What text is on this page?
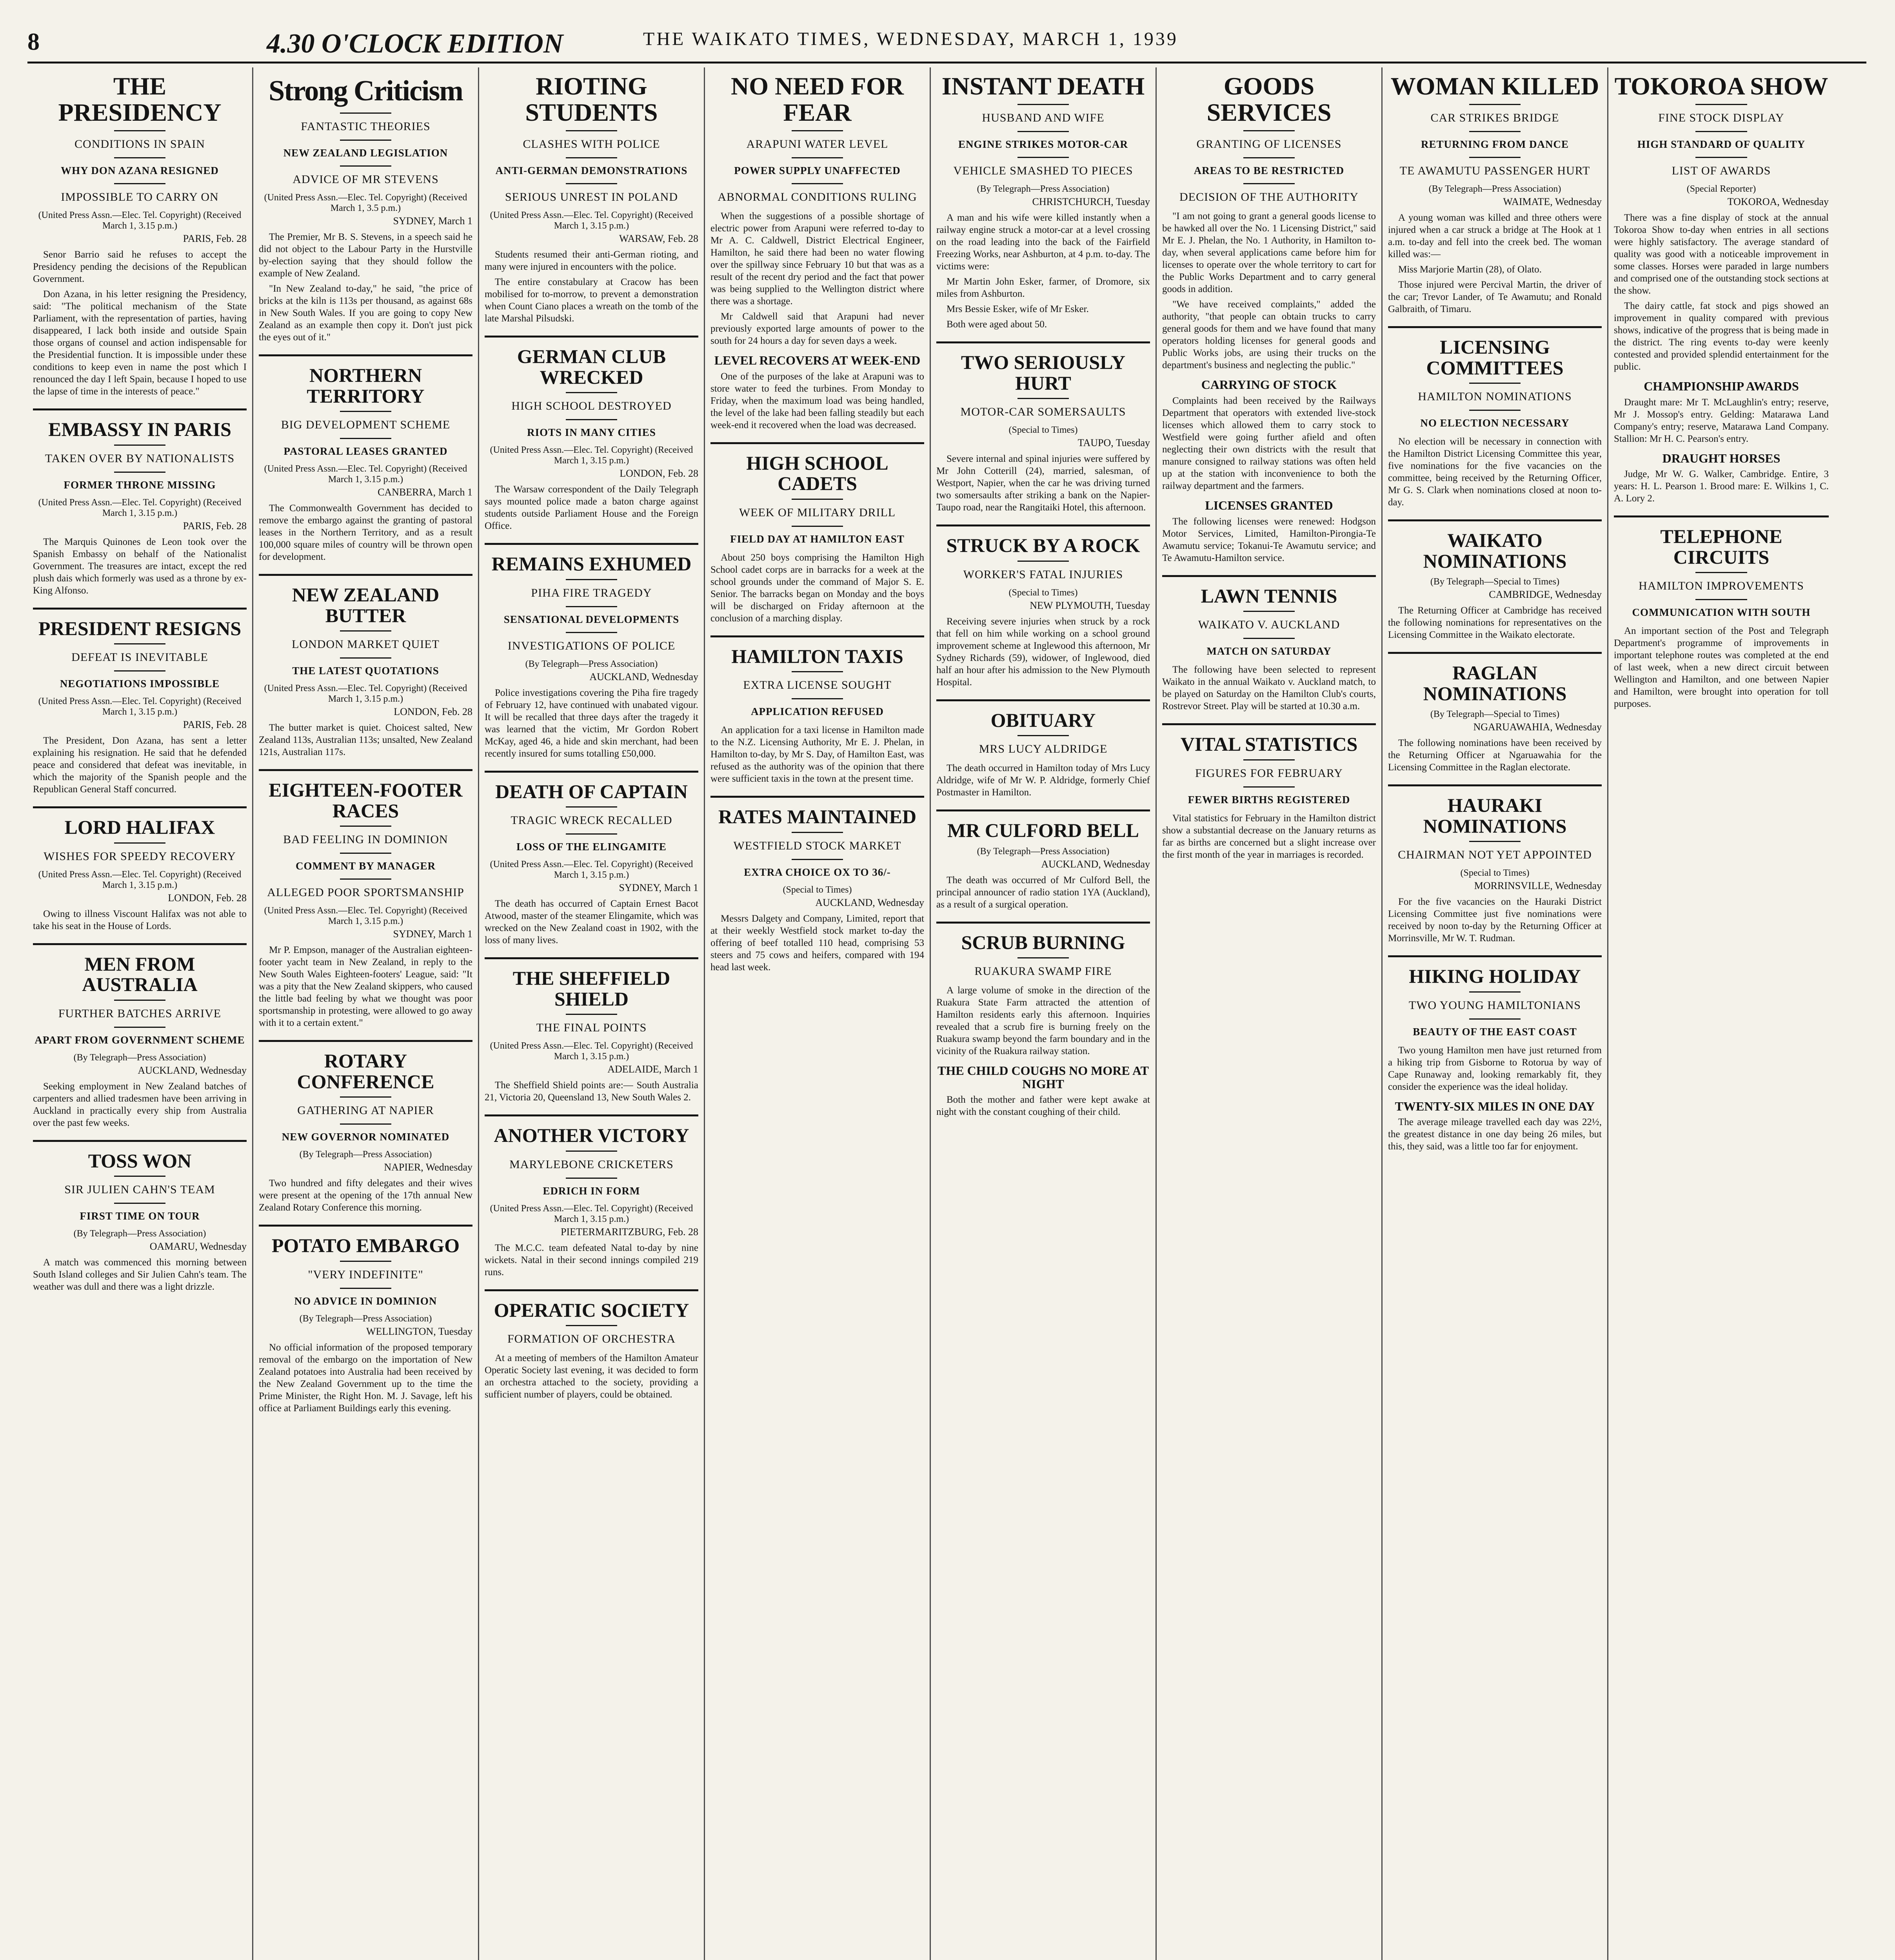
8	4.30 O'CLOCK EDITION	THE WAIKATO TIMES, WEDNESDAY, MARCH 1, 1939
THE PRESIDENCY
CONDITIONS IN SPAIN
WHY DON AZANA RESIGNED
IMPOSSIBLE TO CARRY ON
(United Press Assn.—Elec. Tel. Copyright) (Received March 1, 3.15 p.m.)
PARIS, Feb. 28

Senor Barrio said he refuses to accept the Presidency pending the decisions of the Republican Government.

Don Azana, in his letter resigning the Presidency, said: "The political mechanism of the State Parliament, with the representation of parties, having disappeared, I lack both inside and outside Spain those organs of counsel and action indispensable for the Presidential function. It is impossible under these conditions to keep even in name the post which I renounced the day I left Spain, because I hoped to use the lapse of time in the interests of peace."

EMBASSY IN PARIS
TAKEN OVER BY NATIONALISTS
FORMER THRONE MISSING
(United Press Assn.—Elec. Tel. Copyright) (Received March 1, 3.15 p.m.)
PARIS, Feb. 28

The Marquis Quinones de Leon took over the Spanish Embassy on behalf of the Nationalist Government. The treasures are intact, except the red plush dais which formerly was used as a throne by ex-King Alfonso.

PRESIDENT RESIGNS
DEFEAT IS INEVITABLE
NEGOTIATIONS IMPOSSIBLE
(United Press Assn.—Elec. Tel. Copyright) (Received March 1, 3.15 p.m.)
PARIS, Feb. 28

The President, Don Azana, has sent a letter explaining his resignation. He said that he defended peace and considered that defeat was inevitable, in which the majority of the Spanish people and the Republican General Staff concurred.

LORD HALIFAX
WISHES FOR SPEEDY RECOVERY
(United Press Assn.—Elec. Tel. Copyright) (Received March 1, 3.15 p.m.)
LONDON, Feb. 28

Owing to illness Viscount Halifax was not able to take his seat in the House of Lords.

MEN FROM AUSTRALIA
FURTHER BATCHES ARRIVE
APART FROM GOVERNMENT SCHEME
(By Telegraph—Press Association)
AUCKLAND, Wednesday

Seeking employment in New Zealand batches of carpenters and allied tradesmen have been arriving in Auckland in practically every ship from Australia over the past few weeks.

TOSS WON
SIR JULIEN CAHN'S TEAM
FIRST TIME ON TOUR
(By Telegraph—Press Association)
OAMARU, Wednesday

A match was commenced this morning between South Island colleges and Sir Julien Cahn's team. The weather was dull and there was a light drizzle.

Strong Criticism
FANTASTIC THEORIES
NEW ZEALAND LEGISLATION
ADVICE OF MR STEVENS
(United Press Assn.—Elec. Tel. Copyright) (Received March 1, 3.5 p.m.)
SYDNEY, March 1

The Premier, Mr B. S. Stevens, in a speech said he did not object to the Labour Party in the Hurstville by-election saying that they should follow the example of New Zealand.

"In New Zealand to-day," he said, "the price of bricks at the kiln is 113s per thousand, as against 68s in New South Wales. If you are going to copy New Zealand as an example then copy it. Don't just pick the eyes out of it."

NORTHERN TERRITORY
BIG DEVELOPMENT SCHEME
PASTORAL LEASES GRANTED
(United Press Assn.—Elec. Tel. Copyright) (Received March 1, 3.15 p.m.)
CANBERRA, March 1

The Commonwealth Government has decided to remove the embargo against the granting of pastoral leases in the Northern Territory, and as a result 100,000 square miles of country will be thrown open for development.

NEW ZEALAND BUTTER
LONDON MARKET QUIET
THE LATEST QUOTATIONS
(United Press Assn.—Elec. Tel. Copyright) (Received March 1, 3.15 p.m.)
LONDON, Feb. 28

The butter market is quiet. Choicest salted, New Zealand 113s, Australian 113s; unsalted, New Zealand 121s, Australian 117s.

EIGHTEEN-FOOTER RACES
BAD FEELING IN DOMINION
COMMENT BY MANAGER
ALLEGED POOR SPORTSMANSHIP
(United Press Assn.—Elec. Tel. Copyright) (Received March 1, 3.15 p.m.)
SYDNEY, March 1

Mr P. Empson, manager of the Australian eighteen-footer yacht team in New Zealand, in reply to the New South Wales Eighteen-footers' League, said: "It was a pity that the New Zealand skippers, who caused the little bad feeling by what we thought was poor sportsmanship in protesting, were allowed to go away with it to a certain extent."

ROTARY CONFERENCE
GATHERING AT NAPIER
NEW GOVERNOR NOMINATED
(By Telegraph—Press Association)
NAPIER, Wednesday

Two hundred and fifty delegates and their wives were present at the opening of the 17th annual New Zealand Rotary Conference this morning.

POTATO EMBARGO
"VERY INDEFINITE"
NO ADVICE IN DOMINION
(By Telegraph—Press Association)
WELLINGTON, Tuesday

No official information of the proposed temporary removal of the embargo on the importation of New Zealand potatoes into Australia had been received by the New Zealand Government up to the time the Prime Minister, the Right Hon. M. J. Savage, left his office at Parliament Buildings early this evening.

RIOTING STUDENTS
CLASHES WITH POLICE
ANTI-GERMAN DEMONSTRATIONS
SERIOUS UNREST IN POLAND
(United Press Assn.—Elec. Tel. Copyright) (Received March 1, 3.15 p.m.)
WARSAW, Feb. 28

Students resumed their anti-German rioting, and many were injured in encounters with the police.

The entire constabulary at Cracow has been mobilised for to-morrow, to prevent a demonstration when Count Ciano places a wreath on the tomb of the late Marshal Pilsudski.

GERMAN CLUB WRECKED
HIGH SCHOOL DESTROYED
RIOTS IN MANY CITIES
(United Press Assn.—Elec. Tel. Copyright) (Received March 1, 3.15 p.m.)
LONDON, Feb. 28

The Warsaw correspondent of the Daily Telegraph says mounted police made a baton charge against students outside Parliament House and the Foreign Office.

REMAINS EXHUMED
PIHA FIRE TRAGEDY
SENSATIONAL DEVELOPMENTS
INVESTIGATIONS OF POLICE
(By Telegraph—Press Association)
AUCKLAND, Wednesday

Police investigations covering the Piha fire tragedy of February 12, have continued with unabated vigour. It will be recalled that three days after the tragedy it was learned that the victim, Mr Gordon Robert McKay, aged 46, a hide and skin merchant, had been recently insured for sums totalling £50,000.

DEATH OF CAPTAIN
TRAGIC WRECK RECALLED
LOSS OF THE ELINGAMITE
(United Press Assn.—Elec. Tel. Copyright) (Received March 1, 3.15 p.m.)
SYDNEY, March 1

The death has occurred of Captain Ernest Bacot Atwood, master of the steamer Elingamite, which was wrecked on the New Zealand coast in 1902, with the loss of many lives.

THE SHEFFIELD SHIELD
THE FINAL POINTS
(United Press Assn.—Elec. Tel. Copyright) (Received March 1, 3.15 p.m.)
ADELAIDE, March 1

The Sheffield Shield points are:— South Australia 21, Victoria 20, Queensland 13, New South Wales 2.

ANOTHER VICTORY
MARYLEBONE CRICKETERS
EDRICH IN FORM
(United Press Assn.—Elec. Tel. Copyright) (Received March 1, 3.15 p.m.)
PIETERMARITZBURG, Feb. 28

The M.C.C. team defeated Natal to-day by nine wickets. Natal in their second innings compiled 219 runs.

OPERATIC SOCIETY
FORMATION OF ORCHESTRA

At a meeting of members of the Hamilton Amateur Operatic Society last evening, it was decided to form an orchestra attached to the society, providing a sufficient number of players, could be obtained.

NO NEED FOR FEAR
ARAPUNI WATER LEVEL
POWER SUPPLY UNAFFECTED
ABNORMAL CONDITIONS RULING

When the suggestions of a possible shortage of electric power from Arapuni were referred to-day to Mr A. C. Caldwell, District Electrical Engineer, Hamilton, he said there had been no water flowing over the spillway since February 10 but that was as a result of the recent dry period and the fact that power was being supplied to the Wellington district where there was a shortage.

Mr Caldwell said that Arapuni had never previously exported large amounts of power to the south for 24 hours a day for seven days a week.

LEVEL RECOVERS AT WEEK-END

One of the purposes of the lake at Arapuni was to store water to feed the turbines. From Monday to Friday, when the maximum load was being handled, the level of the lake had been falling steadily but each week-end it recovered when the load was decreased.

HIGH SCHOOL CADETS
WEEK OF MILITARY DRILL
FIELD DAY AT HAMILTON EAST

About 250 boys comprising the Hamilton High School cadet corps are in barracks for a week at the school grounds under the command of Major S. E. Senior. The barracks began on Monday and the boys will be discharged on Friday afternoon at the conclusion of a marching display.

HAMILTON TAXIS
EXTRA LICENSE SOUGHT
APPLICATION REFUSED

An application for a taxi license in Hamilton made to the N.Z. Licensing Authority, Mr E. J. Phelan, in Hamilton to-day, by Mr S. Day, of Hamilton East, was refused as the authority was of the opinion that there were sufficient taxis in the town at the present time.

RATES MAINTAINED
WESTFIELD STOCK MARKET
EXTRA CHOICE OX TO 36/-
(Special to Times)
AUCKLAND, Wednesday

Messrs Dalgety and Company, Limited, report that at their weekly Westfield stock market to-day the offering of beef totalled 110 head, comprising 53 steers and 75 cows and heifers, compared with 194 head last week.

INSTANT DEATH
HUSBAND AND WIFE
ENGINE STRIKES MOTOR-CAR
VEHICLE SMASHED TO PIECES
(By Telegraph—Press Association)
CHRISTCHURCH, Tuesday

A man and his wife were killed instantly when a railway engine struck a motor-car at a level crossing on the road leading into the back of the Fairfield Freezing Works, near Ashburton, at 4 p.m. to-day. The victims were:

Mr Martin John Esker, farmer, of Dromore, six miles from Ashburton.

Mrs Bessie Esker, wife of Mr Esker.

Both were aged about 50.

TWO SERIOUSLY HURT
MOTOR-CAR SOMERSAULTS
(Special to Times)
TAUPO, Tuesday

Severe internal and spinal injuries were suffered by Mr John Cotterill (24), married, salesman, of Westport, Napier, when the car he was driving turned two somersaults after striking a bank on the Napier-Taupo road, near the Rangitaiki Hotel, this afternoon.

STRUCK BY A ROCK
WORKER'S FATAL INJURIES
(Special to Times)
NEW PLYMOUTH, Tuesday

Receiving severe injuries when struck by a rock that fell on him while working on a school ground improvement scheme at Inglewood this afternoon, Mr Sydney Richards (59), widower, of Inglewood, died half an hour after his admission to the New Plymouth Hospital.

OBITUARY
MRS LUCY ALDRIDGE

The death occurred in Hamilton today of Mrs Lucy Aldridge, wife of Mr W. P. Aldridge, formerly Chief Postmaster in Hamilton.

MR CULFORD BELL
(By Telegraph—Press Association)
AUCKLAND, Wednesday

The death was occurred of Mr Culford Bell, the principal announcer of radio station 1YA (Auckland), as a result of a surgical operation.

SCRUB BURNING
RUAKURA SWAMP FIRE

A large volume of smoke in the direction of the Ruakura State Farm attracted the attention of Hamilton residents early this afternoon. Inquiries revealed that a scrub fire is burning freely on the Ruakura swamp beyond the farm boundary and in the vicinity of the Ruakura railway station.

THE CHILD COUGHS NO MORE AT NIGHT

Both the mother and father were kept awake at night with the constant coughing of their child.

GOODS SERVICES
GRANTING OF LICENSES
AREAS TO BE RESTRICTED
DECISION OF THE AUTHORITY

"I am not going to grant a general goods license to be hawked all over the No. 1 Licensing District," said Mr E. J. Phelan, the No. 1 Authority, in Hamilton to-day, when several applications came before him for licenses to operate over the whole territory to cart for the Public Works Department and to carry general goods in addition.

"We have received complaints," added the authority, "that people can obtain trucks to carry general goods for them and we have found that many operators holding licenses for general goods and Public Works jobs, are using their trucks on the department's business and neglecting the public."

CARRYING OF STOCK

Complaints had been received by the Railways Department that operators with extended live-stock licenses which allowed them to carry stock to Westfield were going further afield and often neglecting their own districts with the result that manure consigned to railway stations was often held up at the station with inconvenience to both the railway department and the farmers.

LICENSES GRANTED

The following licenses were renewed: Hodgson Motor Services, Limited, Hamilton-Pirongia-Te Awamutu service; Tokanui-Te Awamutu service; and Te Awamutu-Hamilton service.

LAWN TENNIS
WAIKATO V. AUCKLAND
MATCH ON SATURDAY

The following have been selected to represent Waikato in the annual Waikato v. Auckland match, to be played on Saturday on the Hamilton Club's courts, Rostrevor Street. Play will be started at 10.30 a.m.

VITAL STATISTICS
FIGURES FOR FEBRUARY
FEWER BIRTHS REGISTERED

Vital statistics for February in the Hamilton district show a substantial decrease on the January returns as far as births are concerned but a slight increase over the first month of the year in marriages is recorded.

WOMAN KILLED
CAR STRIKES BRIDGE
RETURNING FROM DANCE
TE AWAMUTU PASSENGER HURT
(By Telegraph—Press Association)
WAIMATE, Wednesday

A young woman was killed and three others were injured when a car struck a bridge at The Hook at 1 a.m. to-day and fell into the creek bed. The woman killed was:—

Miss Marjorie Martin (28), of Olato.

Those injured were Percival Martin, the driver of the car; Trevor Lander, of Te Awamutu; and Ronald Galbraith, of Timaru.

LICENSING COMMITTEES
HAMILTON NOMINATIONS
NO ELECTION NECESSARY

No election will be necessary in connection with the Hamilton District Licensing Committee this year, five nominations for the five vacancies on the committee, being received by the Returning Officer, Mr G. S. Clark when nominations closed at noon to-day.

WAIKATO NOMINATIONS
(By Telegraph—Special to Times)
CAMBRIDGE, Wednesday

The Returning Officer at Cambridge has received the following nominations for representatives on the Licensing Committee in the Waikato electorate.

RAGLAN NOMINATIONS
(By Telegraph—Special to Times)
NGARUAWAHIA, Wednesday

The following nominations have been received by the Returning Officer at Ngaruawahia for the Licensing Committee in the Raglan electorate.

HAURAKI NOMINATIONS
CHAIRMAN NOT YET APPOINTED
(Special to Times)
MORRINSVILLE, Wednesday

For the five vacancies on the Hauraki District Licensing Committee just five nominations were received by noon to-day by the Returning Officer at Morrinsville, Mr W. T. Rudman.

HIKING HOLIDAY
TWO YOUNG HAMILTONIANS
BEAUTY OF THE EAST COAST

Two young Hamilton men have just returned from a hiking trip from Gisborne to Rotorua by way of Cape Runaway and, looking remarkably fit, they consider the experience was the ideal holiday.

TWENTY-SIX MILES IN ONE DAY

The average mileage travelled each day was 22½, the greatest distance in one day being 26 miles, but this, they said, was a little too far for enjoyment.

TOKOROA SHOW
FINE STOCK DISPLAY
HIGH STANDARD OF QUALITY
LIST OF AWARDS
(Special Reporter)
TOKOROA, Wednesday

There was a fine display of stock at the annual Tokoroa Show to-day when entries in all sections were highly satisfactory. The average standard of quality was good with a noticeable improvement in some classes. Horses were paraded in large numbers and comprised one of the outstanding stock sections at the show.

The dairy cattle, fat stock and pigs showed an improvement in quality compared with previous shows, indicative of the progress that is being made in the district. The ring events to-day were keenly contested and provided splendid entertainment for the public.

CHAMPIONSHIP AWARDS

Draught mare: Mr T. McLaughlin's entry; reserve, Mr J. Mossop's entry. Gelding: Matarawa Land Company's entry; reserve, Matarawa Land Company. Stallion: Mr H. C. Pearson's entry.

DRAUGHT HORSES

Judge, Mr W. G. Walker, Cambridge. Entire, 3 years: H. L. Pearson 1. Brood mare: E. Wilkins 1, C. A. Lory 2.

TELEPHONE CIRCUITS
HAMILTON IMPROVEMENTS
COMMUNICATION WITH SOUTH

An important section of the Post and Telegraph Department's programme of improvements in important telephone routes was completed at the end of last week, when a new direct circuit between Wellington and Hamilton, and one between Napier and Hamilton, were brought into operation for toll purposes.
